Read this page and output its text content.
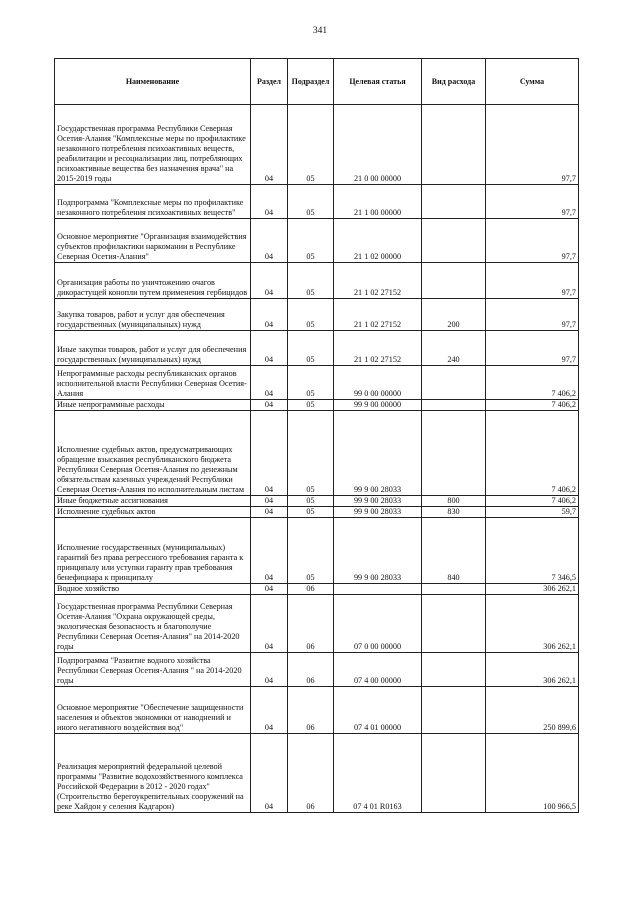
341
Наименование	Раздел	Подраздел	Целевая статья	Вид расхода	Сумма
Государственная программа Республики Северная Осетия-Алания "Комплексные меры по профилактике незаконного потребления психоактивных веществ, реабилитации и ресоциализации лиц, потребляющих психоактивные вещества без назначения врача" на 2015-2019 годы	04	05	21 0 00 00000		97,7
Подпрограмма "Комплексные меры по профилактике незаконного потребления психоактивных веществ"	04	05	21 1 00 00000		97,7
Основное мероприятие "Организация взаимодействия субъектов профилактики наркомании в Республике Северная Осетия-Алания"	04	05	21 1 02 00000		97,7
Организация работы по уничтожению очагов дикорастущей конопли путем применения гербицидов	04	05	21 1 02 27152		97,7
Закупка товаров, работ и услуг для обеспечения государственных (муниципальных) нужд	04	05	21 1 02 27152	200	97,7
Иные закупки товаров, работ и услуг для обеспечения государственных (муниципальных) нужд	04	05	21 1 02 27152	240	97,7
Непрограммные расходы республиканских органов исполнительной власти Республики Северная Осетия-Алания	04	05	99 0 00 00000		7 406,2
Иные непрограммные расходы	04	05	99 9 00 00000		7 406,2
Исполнение судебных актов, предусматривающих обращение взыскания республиканского бюджета Республики Северная Осетия-Алания по денежным обязательствам казенных учреждений Республики Северная Осетия-Алания по исполнительным листам	04	05	99 9 00 28033		7 406,2
Иные бюджетные ассигнования	04	05	99 9 00 28033	800	7 406,2
Исполнение судебных актов	04	05	99 9 00 28033	830	59,7
Исполнение государственных (муниципальных) гарантий без права регрессного требования гаранта к принципалу или уступки гаранту прав требования бенефициара к принципалу	04	05	99 9 00 28033	840	7 346,5
Водное хозяйство	04	06			306 262,1
Государственная программа Республики Северная Осетия-Алания "Охрана окружающей среды, экологическая безопасность и благополучие Республики Северная Осетия-Алания" на 2014-2020 годы	04	06	07 0 00 00000		306 262,1
Подпрограмма "Развитие водного хозяйства Республики Северная Осетия-Алания " на 2014-2020 годы	04	06	07 4 00 00000		306 262,1
Основное мероприятие "Обеспечение защищенности населения и объектов экономики от наводнений и иного негативного воздействия вод"	04	06	07 4 01 00000		250 899,6
Реализация мероприятий федеральной целевой программы "Развитие водохозяйственного комплекса Российской Федерации в 2012 - 2020 годах" (Строительство берегоукрепительных сооружений на реке Хайдон у селения Кадгарон)	04	06	07 4 01 R0163		100 966,5
